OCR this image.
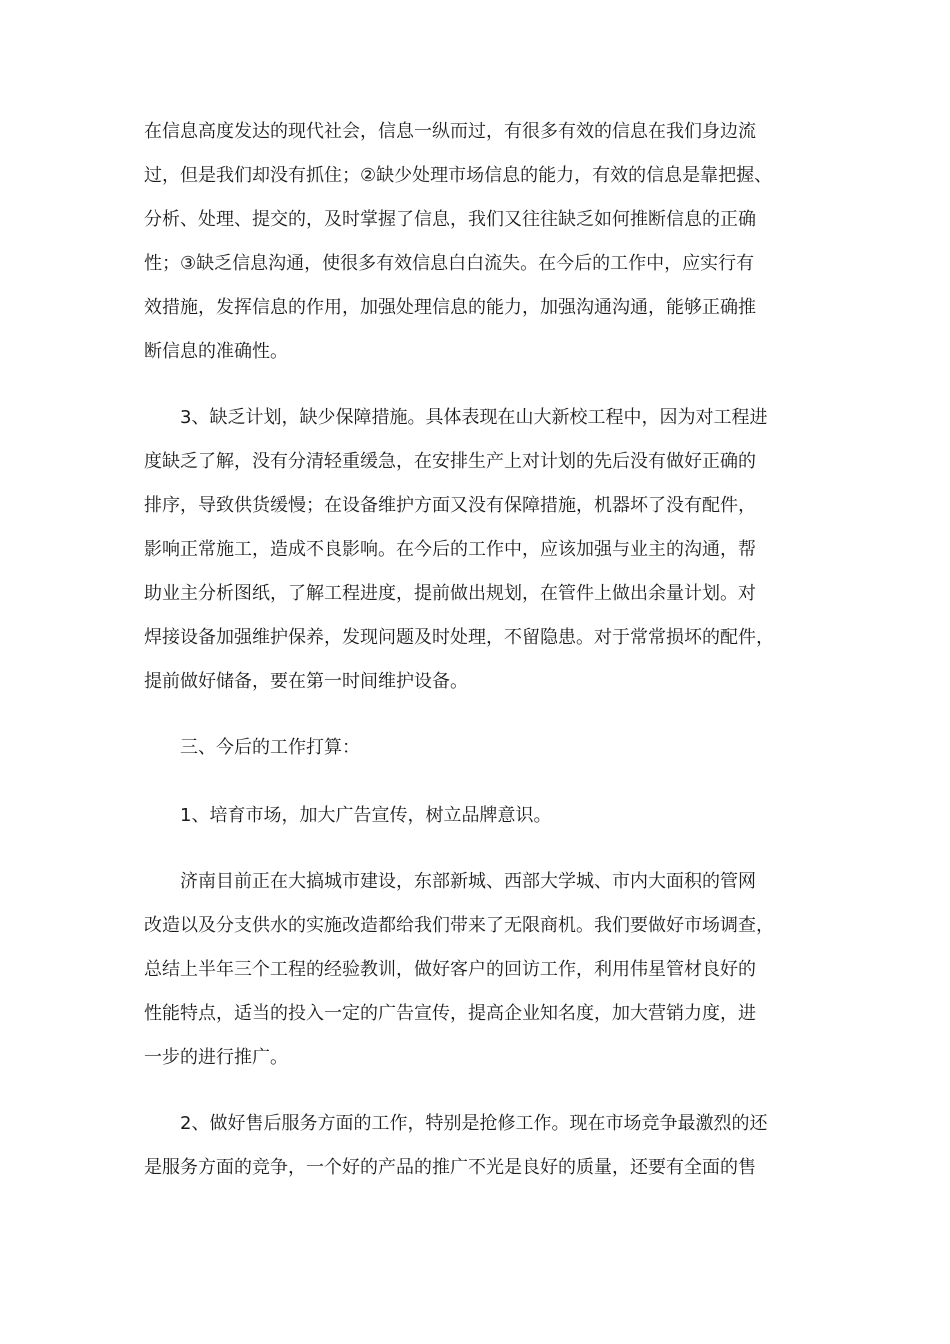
在信息高度发达的现代社会，信息一纵而过，有很多有效的信息在我们身边流
过，但是我们却没有抓住；②缺少处理市场信息的能力，有效的信息是靠把握、
分析、处理、提交的，及时掌握了信息，我们又往往缺乏如何推断信息的正确
性；③缺乏信息沟通，使很多有效信息白白流失。在今后的工作中，应实行有
效措施，发挥信息的作用，加强处理信息的能力，加强沟通沟通，能够正确推
断信息的准确性。
3、缺乏计划，缺少保障措施。具体表现在山大新校工程中，因为对工程进
度缺乏了解，没有分清轻重缓急，在安排生产上对计划的先后没有做好正确的
排序，导致供货缓慢；在设备维护方面又没有保障措施，机器坏了没有配件，
影响正常施工，造成不良影响。在今后的工作中，应该加强与业主的沟通，帮
助业主分析图纸，了解工程进度，提前做出规划，在管件上做出余量计划。对
焊接设备加强维护保养，发现问题及时处理，不留隐患。对于常常损坏的配件，
提前做好储备，要在第一时间维护设备。
三、今后的工作打算：
1、培育市场，加大广告宣传，树立品牌意识。
济南目前正在大搞城市建设，东部新城、西部大学城、市内大面积的管网
改造以及分支供水的实施改造都给我们带来了无限商机。我们要做好市场调查，
总结上半年三个工程的经验教训，做好客户的回访工作，利用伟星管材良好的
性能特点，适当的投入一定的广告宣传，提高企业知名度，加大营销力度，进
一步的进行推广。
2、做好售后服务方面的工作，特别是抢修工作。现在市场竞争最激烈的还
是服务方面的竞争，一个好的产品的推广不光是良好的质量，还要有全面的售
